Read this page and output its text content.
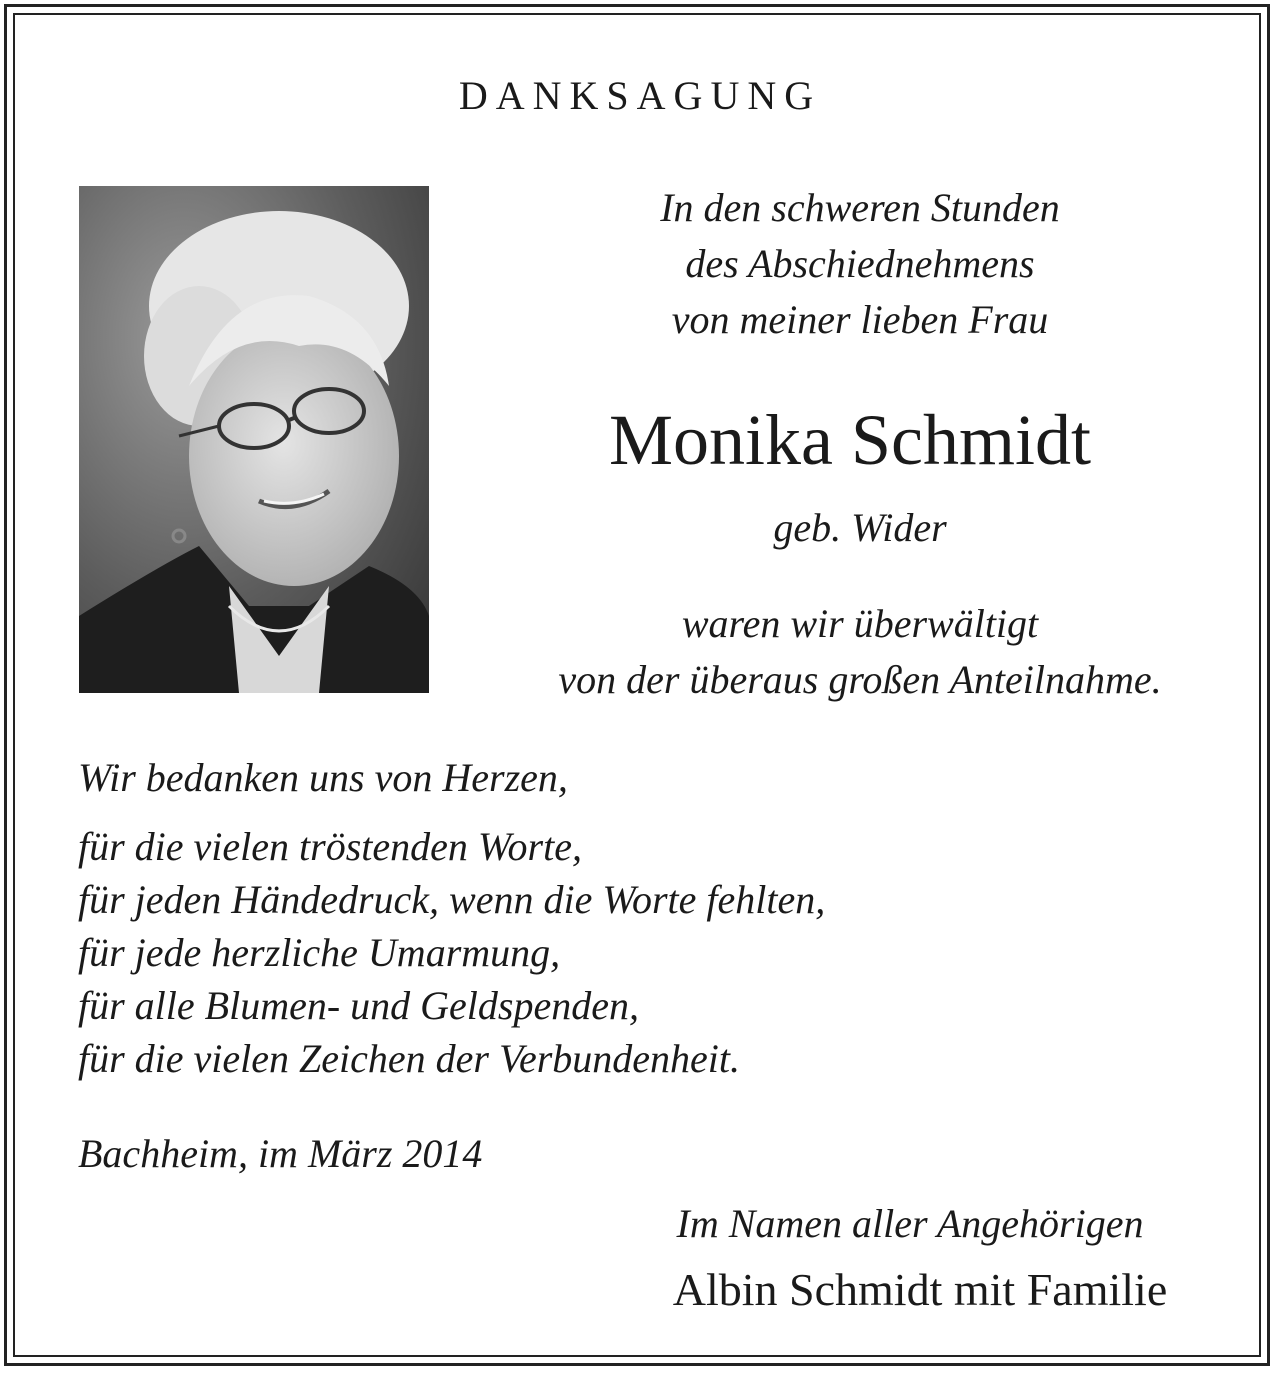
DANKSAGUNG
In den schweren Stunden
des Abschiednehmens
von meiner lieben Frau
Monika Schmidt
geb. Wider
waren wir überwältigt
von der überaus großen Anteilnahme.
Wir bedanken uns von Herzen,
für die vielen tröstenden Worte,
für jeden Händedruck, wenn die Worte fehlten,
für jede herzliche Umarmung,
für alle Blumen- und Geldspenden,
für die vielen Zeichen der Verbundenheit.
Bachheim, im März 2014
Im Namen aller Angehörigen
Albin Schmidt mit Familie
